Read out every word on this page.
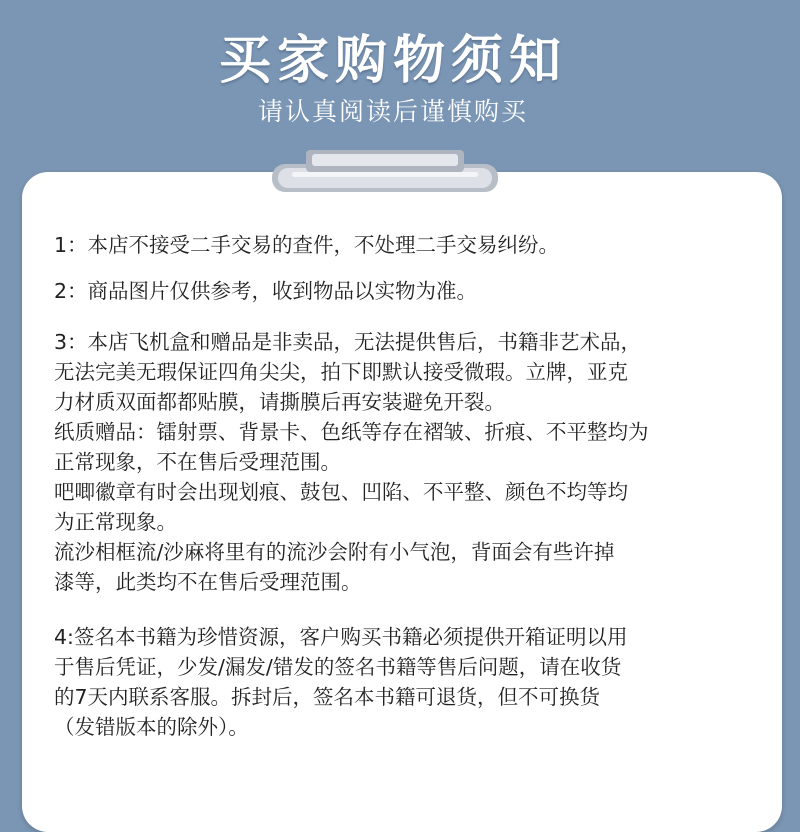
买家购物须知
请认真阅读后谨慎购买
1：本店不接受二手交易的查件，不处理二手交易纠纷。
2：商品图片仅供参考，收到物品以实物为准。
3：本店飞机盒和赠品是非卖品，无法提供售后，书籍非艺术品，
无法完美无瑕保证四角尖尖，拍下即默认接受微瑕。立牌，亚克
力材质双面都都贴膜，请撕膜后再安装避免开裂。
纸质赠品：镭射票、背景卡、色纸等存在褶皱、折痕、不平整均为
正常现象，不在售后受理范围。
吧唧徽章有时会出现划痕、鼓包、凹陷、不平整、颜色不均等均
为正常现象。
流沙相框流/沙麻将里有的流沙会附有小气泡，背面会有些许掉
漆等，此类均不在售后受理范围。
4:签名本书籍为珍惜资源，客户购买书籍必须提供开箱证明以用
于售后凭证，少发/漏发/错发的签名书籍等售后问题，请在收货
的7天内联系客服。拆封后，签名本书籍可退货，但不可换货
（发错版本的除外）。
